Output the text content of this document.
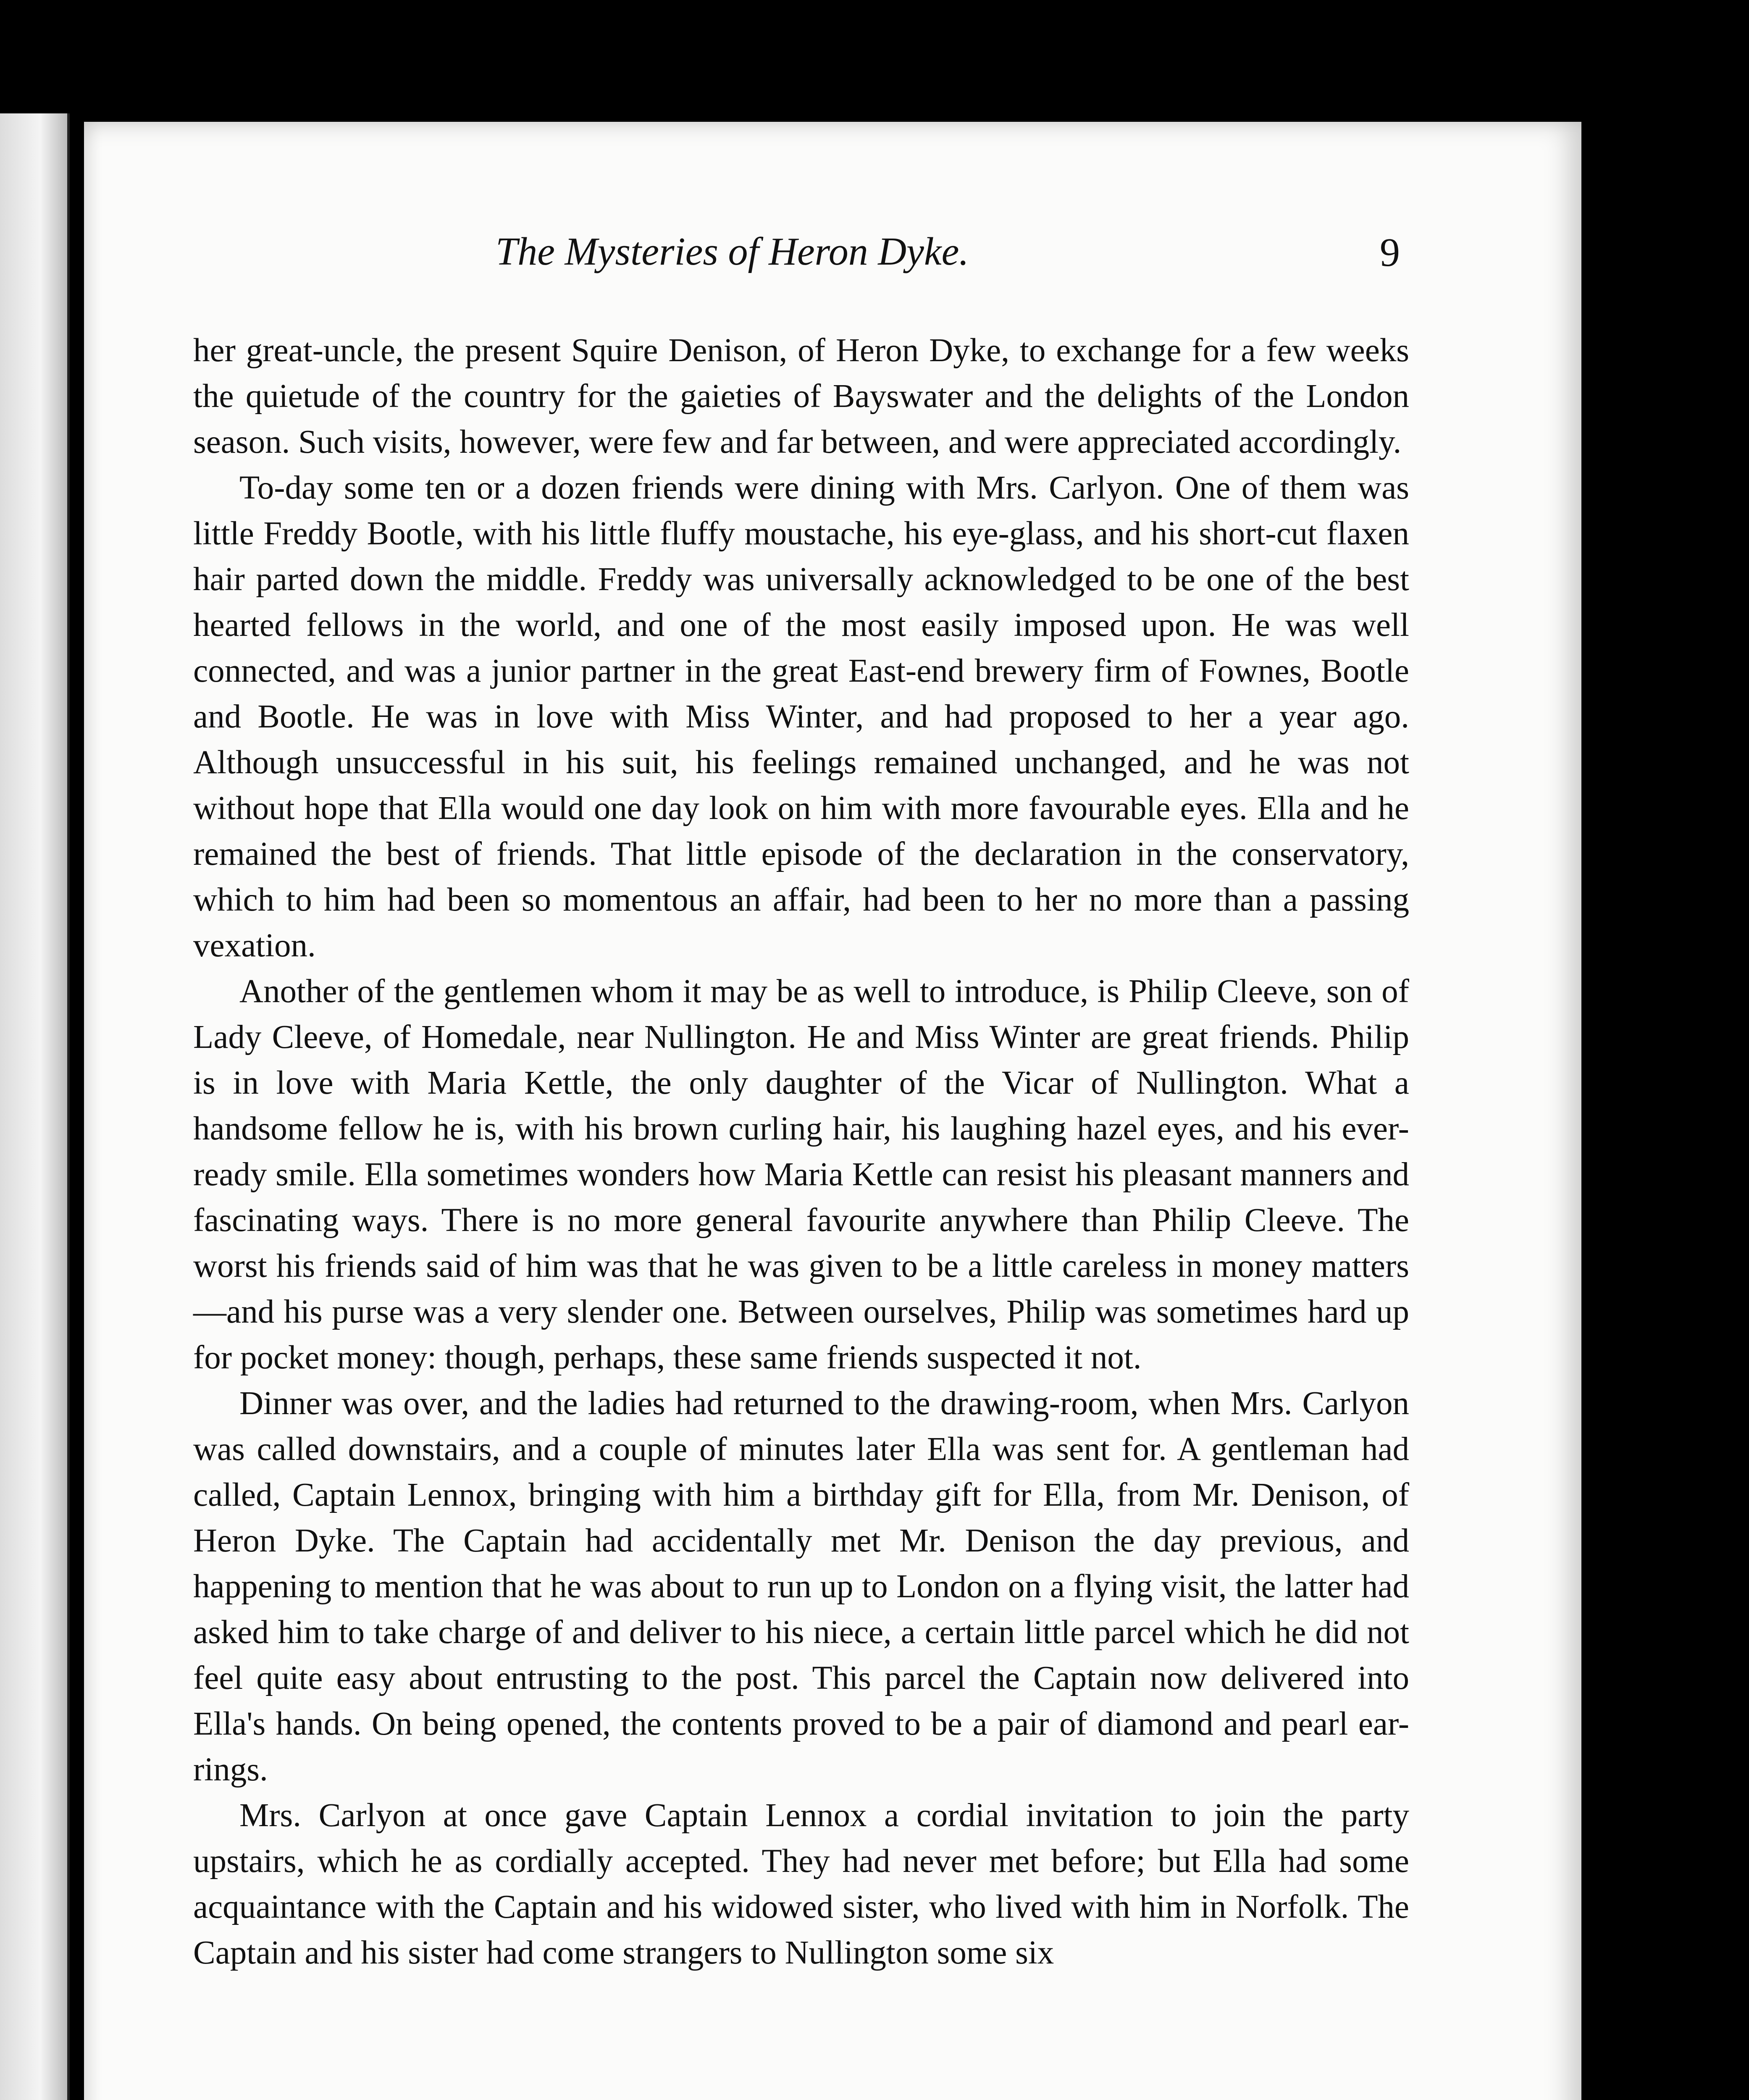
The Mysteries of Heron Dyke.	9

her great-uncle, the present Squire Denison, of Heron Dyke, to exchange for a few weeks the quietude of the country for the gaieties of Bayswater and the delights of the London season. Such visits, however, were few and far between, and were appreciated accordingly.

To-day some ten or a dozen friends were dining with Mrs. Carlyon. One of them was little Freddy Bootle, with his little fluffy moustache, his eye-glass, and his short-cut flaxen hair parted down the middle. Freddy was universally acknowledged to be one of the best hearted fellows in the world, and one of the most easily imposed upon. He was well connected, and was a junior partner in the great East-end brewery firm of Fownes, Bootle and Bootle. He was in love with Miss Winter, and had proposed to her a year ago. Although unsuccessful in his suit, his feelings remained unchanged, and he was not without hope that Ella would one day look on him with more favourable eyes. Ella and he remained the best of friends. That little episode of the declaration in the conservatory, which to him had been so momentous an affair, had been to her no more than a passing vexation.

Another of the gentlemen whom it may be as well to introduce, is Philip Cleeve, son of Lady Cleeve, of Homedale, near Nullington. He and Miss Winter are great friends. Philip is in love with Maria Kettle, the only daughter of the Vicar of Nullington. What a handsome fellow he is, with his brown curling hair, his laughing hazel eyes, and his ever-ready smile. Ella sometimes wonders how Maria Kettle can resist his pleasant manners and fascinating ways. There is no more general favourite anywhere than Philip Cleeve. The worst his friends said of him was that he was given to be a little careless in money matters—and his purse was a very slender one. Between ourselves, Philip was sometimes hard up for pocket money: though, perhaps, these same friends suspected it not.

Dinner was over, and the ladies had returned to the drawing-room, when Mrs. Carlyon was called downstairs, and a couple of minutes later Ella was sent for. A gentleman had called, Captain Lennox, bringing with him a birthday gift for Ella, from Mr. Denison, of Heron Dyke. The Captain had accidentally met Mr. Denison the day previous, and happening to mention that he was about to run up to London on a flying visit, the latter had asked him to take charge of and deliver to his niece, a certain little parcel which he did not feel quite easy about entrusting to the post. This parcel the Captain now delivered into Ella's hands. On being opened, the contents proved to be a pair of diamond and pearl ear-rings.

Mrs. Carlyon at once gave Captain Lennox a cordial invitation to join the party upstairs, which he as cordially accepted. They had never met before; but Ella had some acquaintance with the Captain and his widowed sister, who lived with him in Norfolk. The Captain and his sister had come strangers to Nullington some six
